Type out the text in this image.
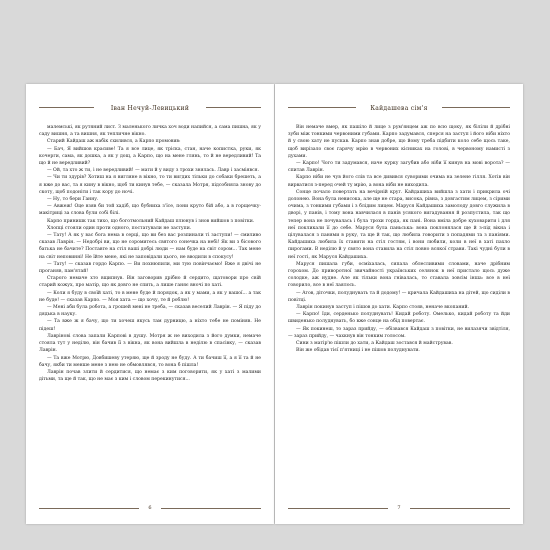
Іван Нечуй-Левицький

малемські, як рутяний лист. З маленького личка хоч води напийся, а сама пишна, як у саду вишня, а та вишня, як тепличне вікно.

Старий Кайдаш аж набік схилився, а Карпо промовив:

— Бач, Я вийшов красиве! Та я все лице, як тріска, стан, наче копистка, руки, як кочерги, сама, як дошка, а як у дощ, а Карпо, що на мене глянь, то й не вередливий! Та що й не вередливий?

— Ой, та хто ж ти, і не вередливий! — мати й у виду з трохи знялась. Лавр і засміявся.

— Чи ти здурів? Хотиш на я вигляне в вікно, то ти вигдих тільки до собаки брешеть, а я вже до вас, та я кину в вікно, щоб ти кинув тебе, — сказала Мотря, підсобняла знову до скоту, щоб подоніти і так кору до ночі.

— Ну, то бери Ганну.

— Авжеж! Оце взяв би той хадіб, що бубниха з'їсе, пони круто бій або, а в горщечку-макітриці за слова були собі білі.

Карпо принишк так тихо, що боготмольний Кайдаш плюнув і знов вийшов з повітки.

Хлопці стояли один проти одного, постатували не заступи.

— Тату! А як у вас бога нема в серці, що ви без вас розпинали ті заступи! — смиливо сказав Лаврін. — Недобрі ви, що не соромитесь святого сонечка на небі! Як ви з бісового батька не бачите? Поставте на стіл ваші добрі люди — нам буде на світ сором... Так мене на світ неповинні! Не їйте мене, які не заповідали цього, не вводили в спокусу!

— Тату! — сказав гордо Карпо. — Ви похнюпили, ми тую повінчаємо! Вже я двічі не проганяв, пам'ятай!

Старого немаче хто вщипнув. Він заговорив дрібно й сердито, щатовори про свій старий кожух, про матір, що як довго не спить, а лише ганяє вночі по хаті.

— Коли я буду в своїй хаті, то в мене буде й порядок, а як у мами, а як у вашої... а так не буде! — сказав Карпо. — Моя хата — що хочу, те й роблю!

— Мені аби була робота, а грошей мені не треба, — сказав веселий Лаврін. — Я піду до дядька в науку.

— Та вже ж я бачу, що ти хочеш якусь там дурницю, а ніхто тебе не поміняв. Не підеш!

Лаврінові слова запали Карпові в душу. Мотря ж не виходила з його думки, немаче стояла тут у неділю, він бачив її з вікна, як вона вийшла в неділю в спасівку, — сказав Лаврін.

— Та вже Мотрю, Довбишеву утеряю, ще й зроду не буду. А ти бачиш її, а я її та й не бачу, якби ти менше мене з нею не обмовлявся, то вона б пішла!

Лаврін почав злити й сердитися, що немає з ким поговорити, як у хаті з малими дітьми, та ще й так, що не має з ким і словом перекинутися...

6
Кайдашева сім'я

Він немаче вмер, як пашіло й лице з рум'янцем аж по всю щоку, як біліли й дрібні зуби між тонкими червоними губами. Карпо задумався, сперся на заступ і його ніби ніхто й у свою хату не пускав. Карпо знав добре, що йому треба підбити коло себе щось таке, щоб вирізало своє гарячу мрію в червоних кісниках на голові, в червоному намисті з духами.

— Карпо! Чого ти задумався, наче курку загубив або ніби її кинув на мові ворота? — спитав Лаврін.

Карпо ніби не чув його слів та все дивився суворими очима на зелене гілля. Хотів він вирватися з-перед очей ту мрію, а вона ніби не виходила.

Сонце почало повертать на вечірній круг. Кайдашиха вийшла з хати і прикрила очі долонею. Вона була невисока, але ще не стара, висока, рівна, з довгастим лицем, з сірими очима, з тонкими губами і з блідим лицем. Маруся Кайдашиха замолоду довго служила в дворі, у панів, і тому вона навчилася в панів усякого вигадування й розпустила, так що тепер вона не почувалась і була трохи горда, як пані. Вона вміла добре куховарити і для неї покликали її до себе. Маруся була паньська: вона поклонялася ще й з-під вікна і цілувалася з панями в руку, та ще й так, що любила говорити з попадями та з паніями. Кайдашиха любила їх ставити на стіл гостям, і вони любили, коли в неї в хаті пахло пирогами. В неділю й у свято вона ставила на стіл повно всякої страви. Такі чудні були в неї гості, як Маруся Кайдашиха.

Маруся пишала губи, осміхалась, сипала облесливими словами, наче дрібним горохом. До приворотної звичайності українських селянок в неї пристало щось дуже солодке, аж нудне. Але як тільки вона гнівалась, то ставала зовсім інша: все в неї говорило, все в неї лаялось.

— Агов, діточки, полуднувать та й додому! — кричала Кайдашиха на дітей, що сиділи в повітці.

Лаврін покинув заступ і пішов до хати. Карпо стояв, неначе вкопаний.

— Карпо! Іди, серденько полуднувать! Кидай роботу. Омелько, кидай роботу та йди швиденько полуднувать, бо вже сонце на обід повертає.

— Як покинеш, то зараз прийду, — обізвався Кайдаш з повітки, не вилазячи звідтіля, — зараз прийду, — чахкнув він тонким голосом.

Сини з матір'ю пішли до хати, а Кайдаш зостався й майстрував.

Він же обідав тієї п'ятниці і не пішов полуднувати.

7
